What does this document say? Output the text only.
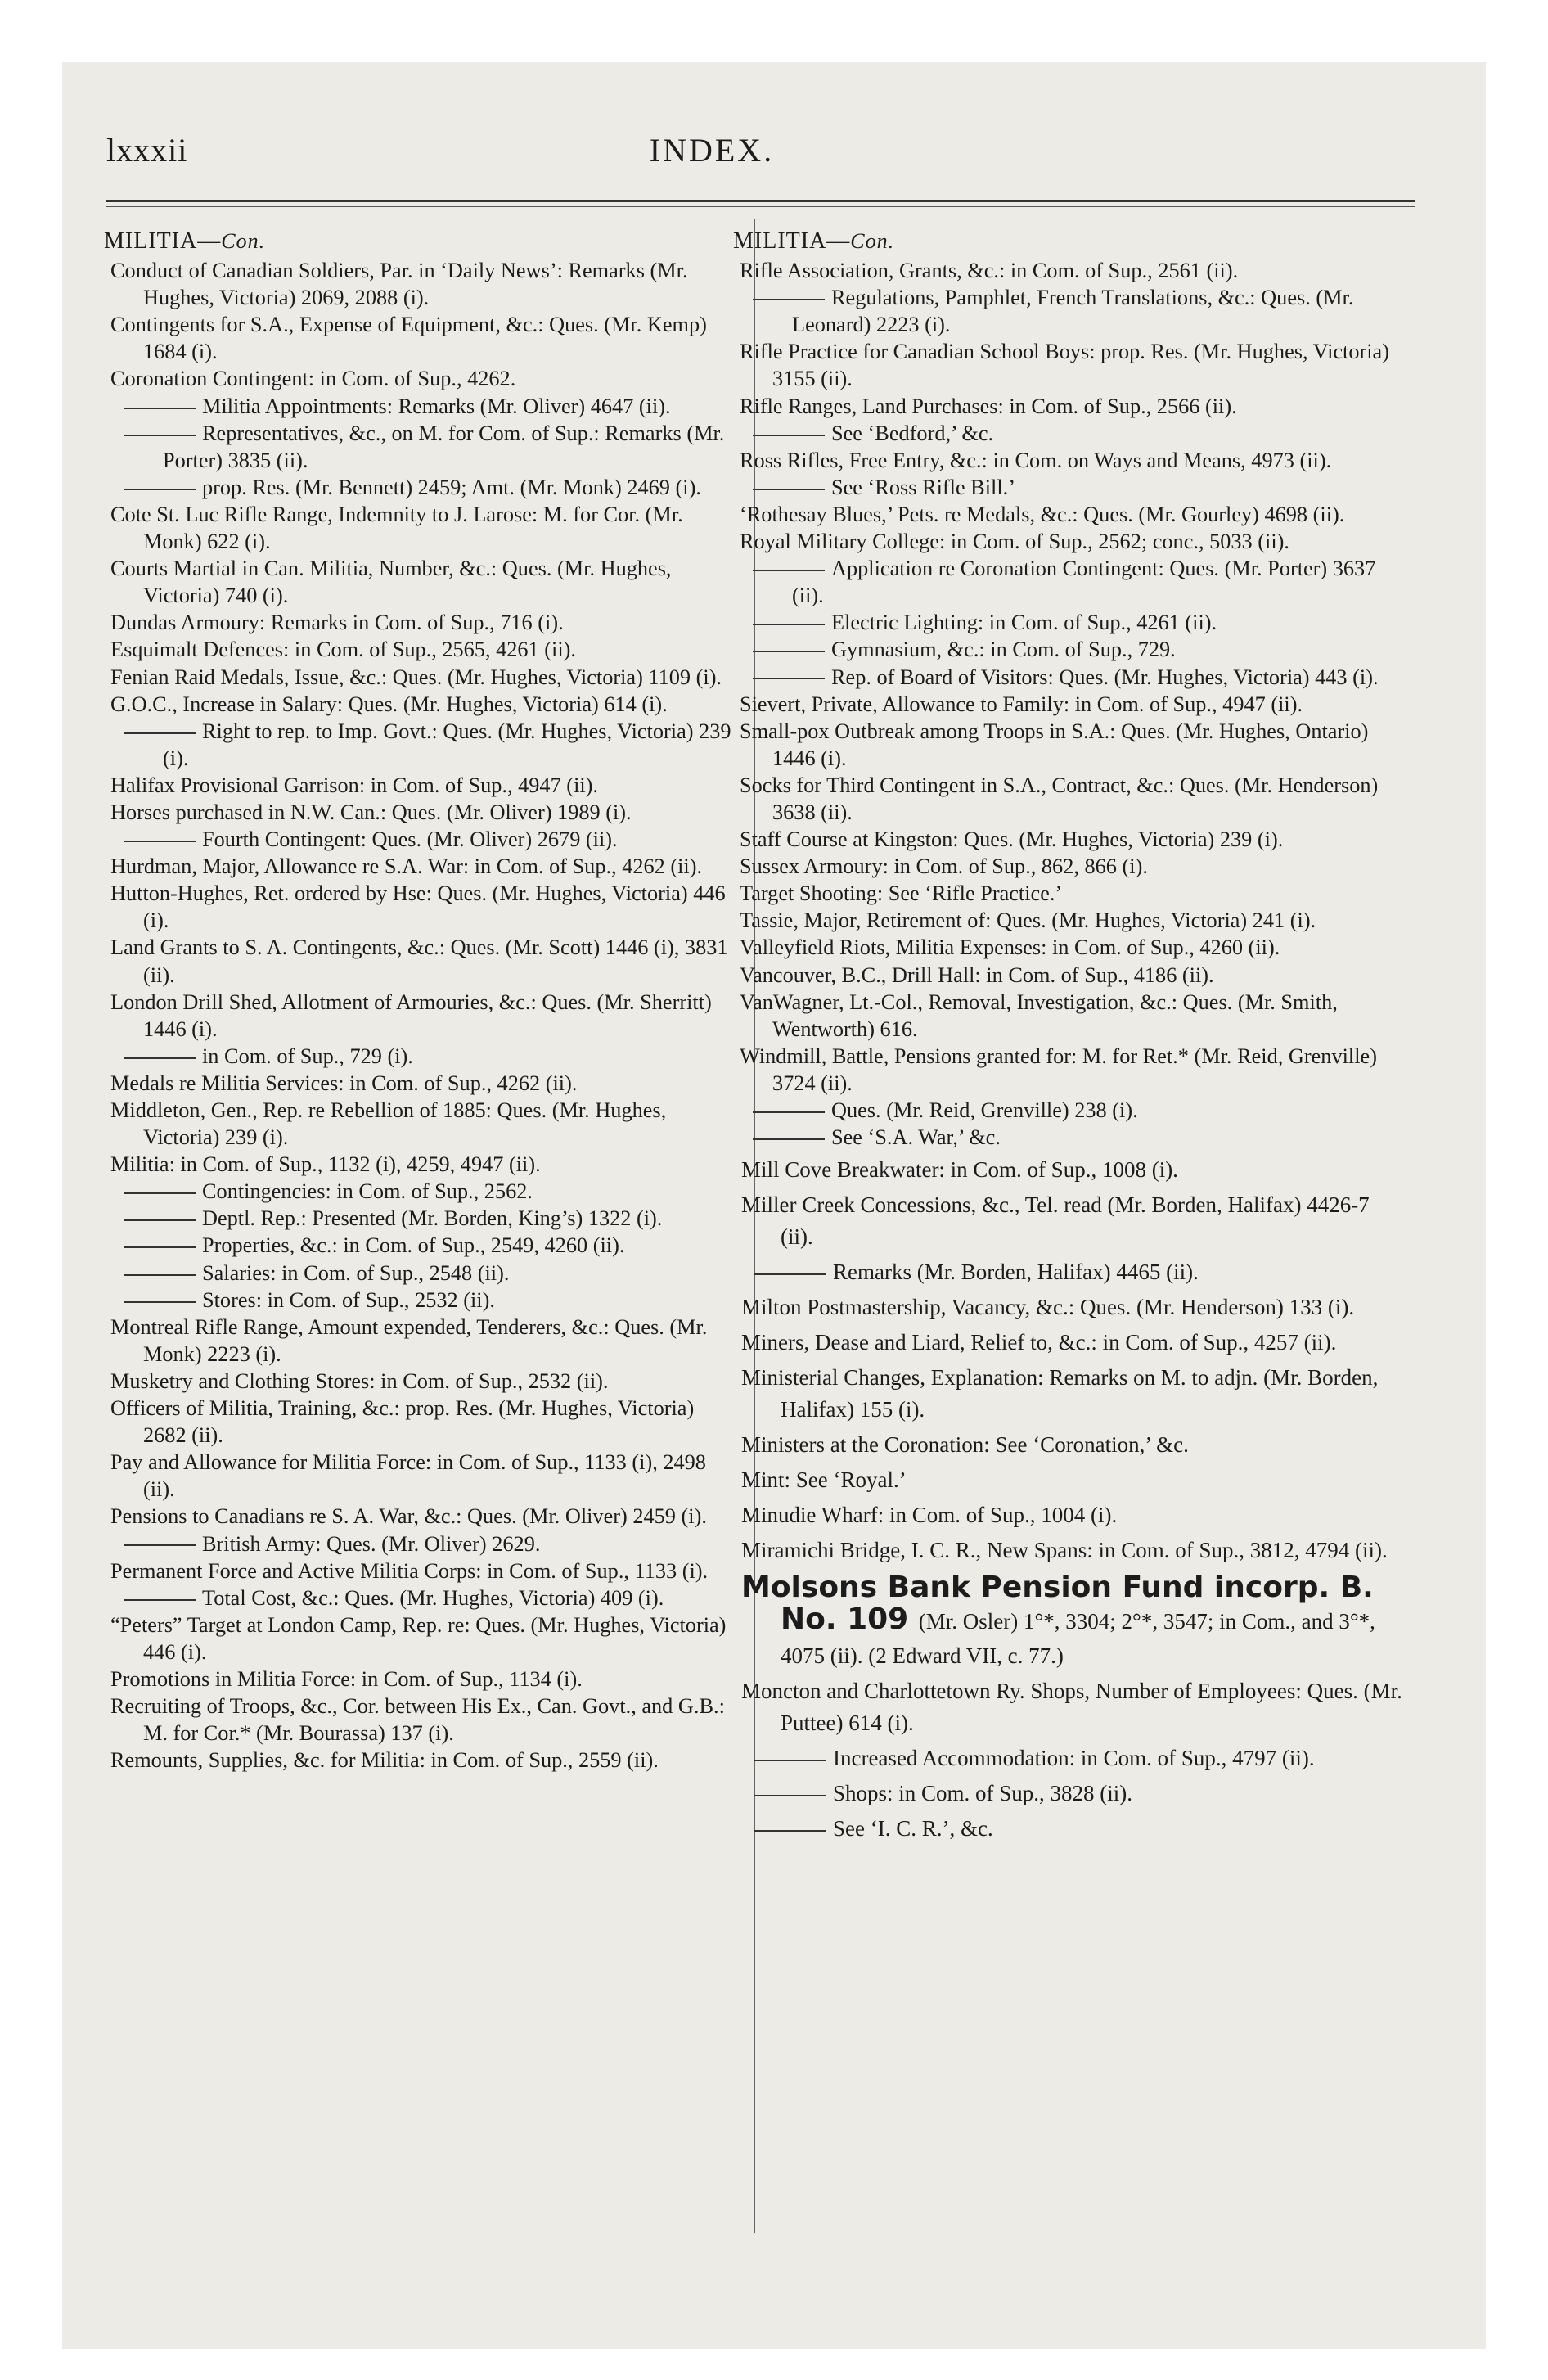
lxxxii	INDEX.
MILITIA—Con.
Conduct of Canadian Soldiers, Par. in ‘Daily News’: Remarks (Mr. Hughes, Victoria) 2069, 2088 (i).
Contingents for S.A., Expense of Equipment, &c.: Ques. (Mr. Kemp) 1684 (i).
Coronation Contingent: in Com. of Sup., 4262.
Militia Appointments: Remarks (Mr. Oliver) 4647 (ii).
Representatives, &c., on M. for Com. of Sup.: Remarks (Mr. Porter) 3835 (ii).
prop. Res. (Mr. Bennett) 2459; Amt. (Mr. Monk) 2469 (i).
Cote St. Luc Rifle Range, Indemnity to J. Larose: M. for Cor. (Mr. Monk) 622 (i).
Courts Martial in Can. Militia, Number, &c.: Ques. (Mr. Hughes, Victoria) 740 (i).
Dundas Armoury: Remarks in Com. of Sup., 716 (i).
Esquimalt Defences: in Com. of Sup., 2565, 4261 (ii).
Fenian Raid Medals, Issue, &c.: Ques. (Mr. Hughes, Victoria) 1109 (i).
G.O.C., Increase in Salary: Ques. (Mr. Hughes, Victoria) 614 (i).
Right to rep. to Imp. Govt.: Ques. (Mr. Hughes, Victoria) 239 (i).
Halifax Provisional Garrison: in Com. of Sup., 4947 (ii).
Horses purchased in N.W. Can.: Ques. (Mr. Oliver) 1989 (i).
Fourth Contingent: Ques. (Mr. Oliver) 2679 (ii).
Hurdman, Major, Allowance re S.A. War: in Com. of Sup., 4262 (ii).
Hutton-Hughes, Ret. ordered by Hse: Ques. (Mr. Hughes, Victoria) 446 (i).
Land Grants to S. A. Contingents, &c.: Ques. (Mr. Scott) 1446 (i), 3831 (ii).
London Drill Shed, Allotment of Armouries, &c.: Ques. (Mr. Sherritt) 1446 (i).
in Com. of Sup., 729 (i).
Medals re Militia Services: in Com. of Sup., 4262 (ii).
Middleton, Gen., Rep. re Rebellion of 1885: Ques. (Mr. Hughes, Victoria) 239 (i).
Militia: in Com. of Sup., 1132 (i), 4259, 4947 (ii).
Contingencies: in Com. of Sup., 2562.
Deptl. Rep.: Presented (Mr. Borden, King’s) 1322 (i).
Properties, &c.: in Com. of Sup., 2549, 4260 (ii).
Salaries: in Com. of Sup., 2548 (ii).
Stores: in Com. of Sup., 2532 (ii).
Montreal Rifle Range, Amount expended, Tenderers, &c.: Ques. (Mr. Monk) 2223 (i).
Musketry and Clothing Stores: in Com. of Sup., 2532 (ii).
Officers of Militia, Training, &c.: prop. Res. (Mr. Hughes, Victoria) 2682 (ii).
Pay and Allowance for Militia Force: in Com. of Sup., 1133 (i), 2498 (ii).
Pensions to Canadians re S. A. War, &c.: Ques. (Mr. Oliver) 2459 (i).
British Army: Ques. (Mr. Oliver) 2629.
Permanent Force and Active Militia Corps: in Com. of Sup., 1133 (i).
Total Cost, &c.: Ques. (Mr. Hughes, Victoria) 409 (i).
“Peters” Target at London Camp, Rep. re: Ques. (Mr. Hughes, Victoria) 446 (i).
Promotions in Militia Force: in Com. of Sup., 1134 (i).
Recruiting of Troops, &c., Cor. between His Ex., Can. Govt., and G.B.: M. for Cor.* (Mr. Bourassa) 137 (i).
Remounts, Supplies, &c. for Militia: in Com. of Sup., 2559 (ii).
MILITIA—Con.
Rifle Association, Grants, &c.: in Com. of Sup., 2561 (ii).
Regulations, Pamphlet, French Translations, &c.: Ques. (Mr. Leonard) 2223 (i).
Rifle Practice for Canadian School Boys: prop. Res. (Mr. Hughes, Victoria) 3155 (ii).
Rifle Ranges, Land Purchases: in Com. of Sup., 2566 (ii).
See ‘Bedford,’ &c.
Ross Rifles, Free Entry, &c.: in Com. on Ways and Means, 4973 (ii).
See ‘Ross Rifle Bill.’
‘Rothesay Blues,’ Pets. re Medals, &c.: Ques. (Mr. Gourley) 4698 (ii).
Royal Military College: in Com. of Sup., 2562; conc., 5033 (ii).
Application re Coronation Contingent: Ques. (Mr. Porter) 3637 (ii).
Electric Lighting: in Com. of Sup., 4261 (ii).
Gymnasium, &c.: in Com. of Sup., 729.
Rep. of Board of Visitors: Ques. (Mr. Hughes, Victoria) 443 (i).
Sievert, Private, Allowance to Family: in Com. of Sup., 4947 (ii).
Small-pox Outbreak among Troops in S.A.: Ques. (Mr. Hughes, Ontario) 1446 (i).
Socks for Third Contingent in S.A., Contract, &c.: Ques. (Mr. Henderson) 3638 (ii).
Staff Course at Kingston: Ques. (Mr. Hughes, Victoria) 239 (i).
Sussex Armoury: in Com. of Sup., 862, 866 (i).
Target Shooting: See ‘Rifle Practice.’
Tassie, Major, Retirement of: Ques. (Mr. Hughes, Victoria) 241 (i).
Valleyfield Riots, Militia Expenses: in Com. of Sup., 4260 (ii).
Vancouver, B.C., Drill Hall: in Com. of Sup., 4186 (ii).
VanWagner, Lt.-Col., Removal, Investigation, &c.: Ques. (Mr. Smith, Wentworth) 616.
Windmill, Battle, Pensions granted for: M. for Ret.* (Mr. Reid, Grenville) 3724 (ii).
Ques. (Mr. Reid, Grenville) 238 (i).
See ‘S.A. War,’ &c.
Mill Cove Breakwater: in Com. of Sup., 1008 (i).
Miller Creek Concessions, &c., Tel. read (Mr. Borden, Halifax) 4426-7 (ii).
Remarks (Mr. Borden, Halifax) 4465 (ii).
Milton Postmastership, Vacancy, &c.: Ques. (Mr. Henderson) 133 (i).
Miners, Dease and Liard, Relief to, &c.: in Com. of Sup., 4257 (ii).
Ministerial Changes, Explanation: Remarks on M. to adjn. (Mr. Borden, Halifax) 155 (i).
Ministers at the Coronation: See ‘Coronation,’ &c.
Mint: See ‘Royal.’
Minudie Wharf: in Com. of Sup., 1004 (i).
Miramichi Bridge, I. C. R., New Spans: in Com. of Sup., 3812, 4794 (ii).
Molsons Bank Pension Fund incorp. B. No. 109 (Mr. Osler) 1°*, 3304; 2°*, 3547; in Com., and 3°*, 4075 (ii). (2 Edward VII, c. 77.)
Moncton and Charlottetown Ry. Shops, Number of Employees: Ques. (Mr. Puttee) 614 (i).
Increased Accommodation: in Com. of Sup., 4797 (ii).
Shops: in Com. of Sup., 3828 (ii).
See ‘I. C. R.’, &c.
